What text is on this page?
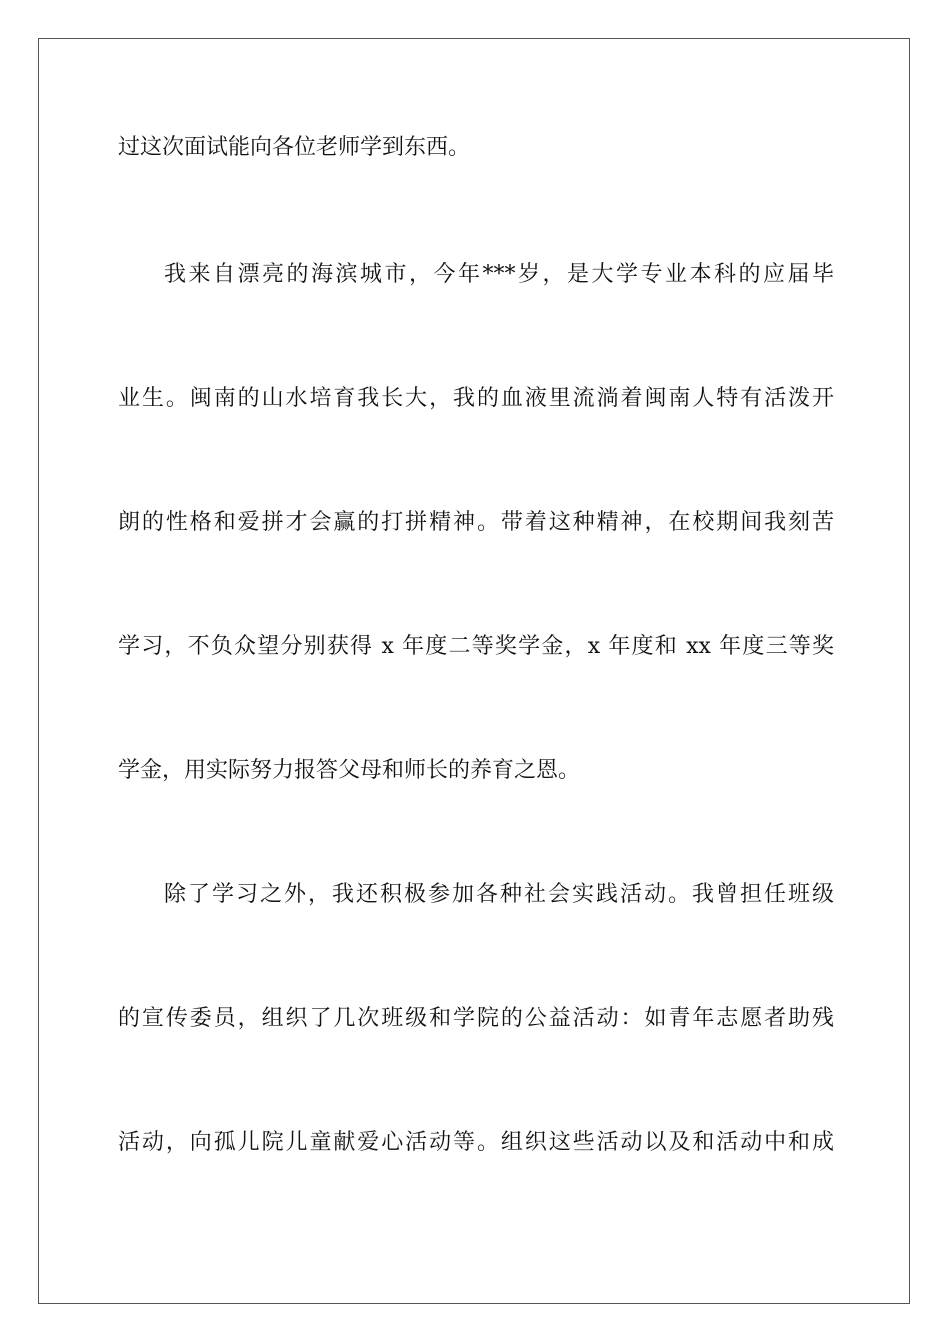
过这次面试能向各位老师学到东西。
我来自漂亮的海滨城市，今年***岁，是大学专业本科的应届毕
业生。闽南的山水培育我长大，我的血液里流淌着闽南人特有活泼开
朗的性格和爱拼才会赢的打拼精神。带着这种精神，在校期间我刻苦
学习，不负众望分别获得 x 年度二等奖学金，x 年度和 xx 年度三等奖
学金，用实际努力报答父母和师长的养育之恩。
除了学习之外，我还积极参加各种社会实践活动。我曾担任班级
的宣传委员，组织了几次班级和学院的公益活动：如青年志愿者助残
活动，向孤儿院儿童献爱心活动等。组织这些活动以及和活动中和成
